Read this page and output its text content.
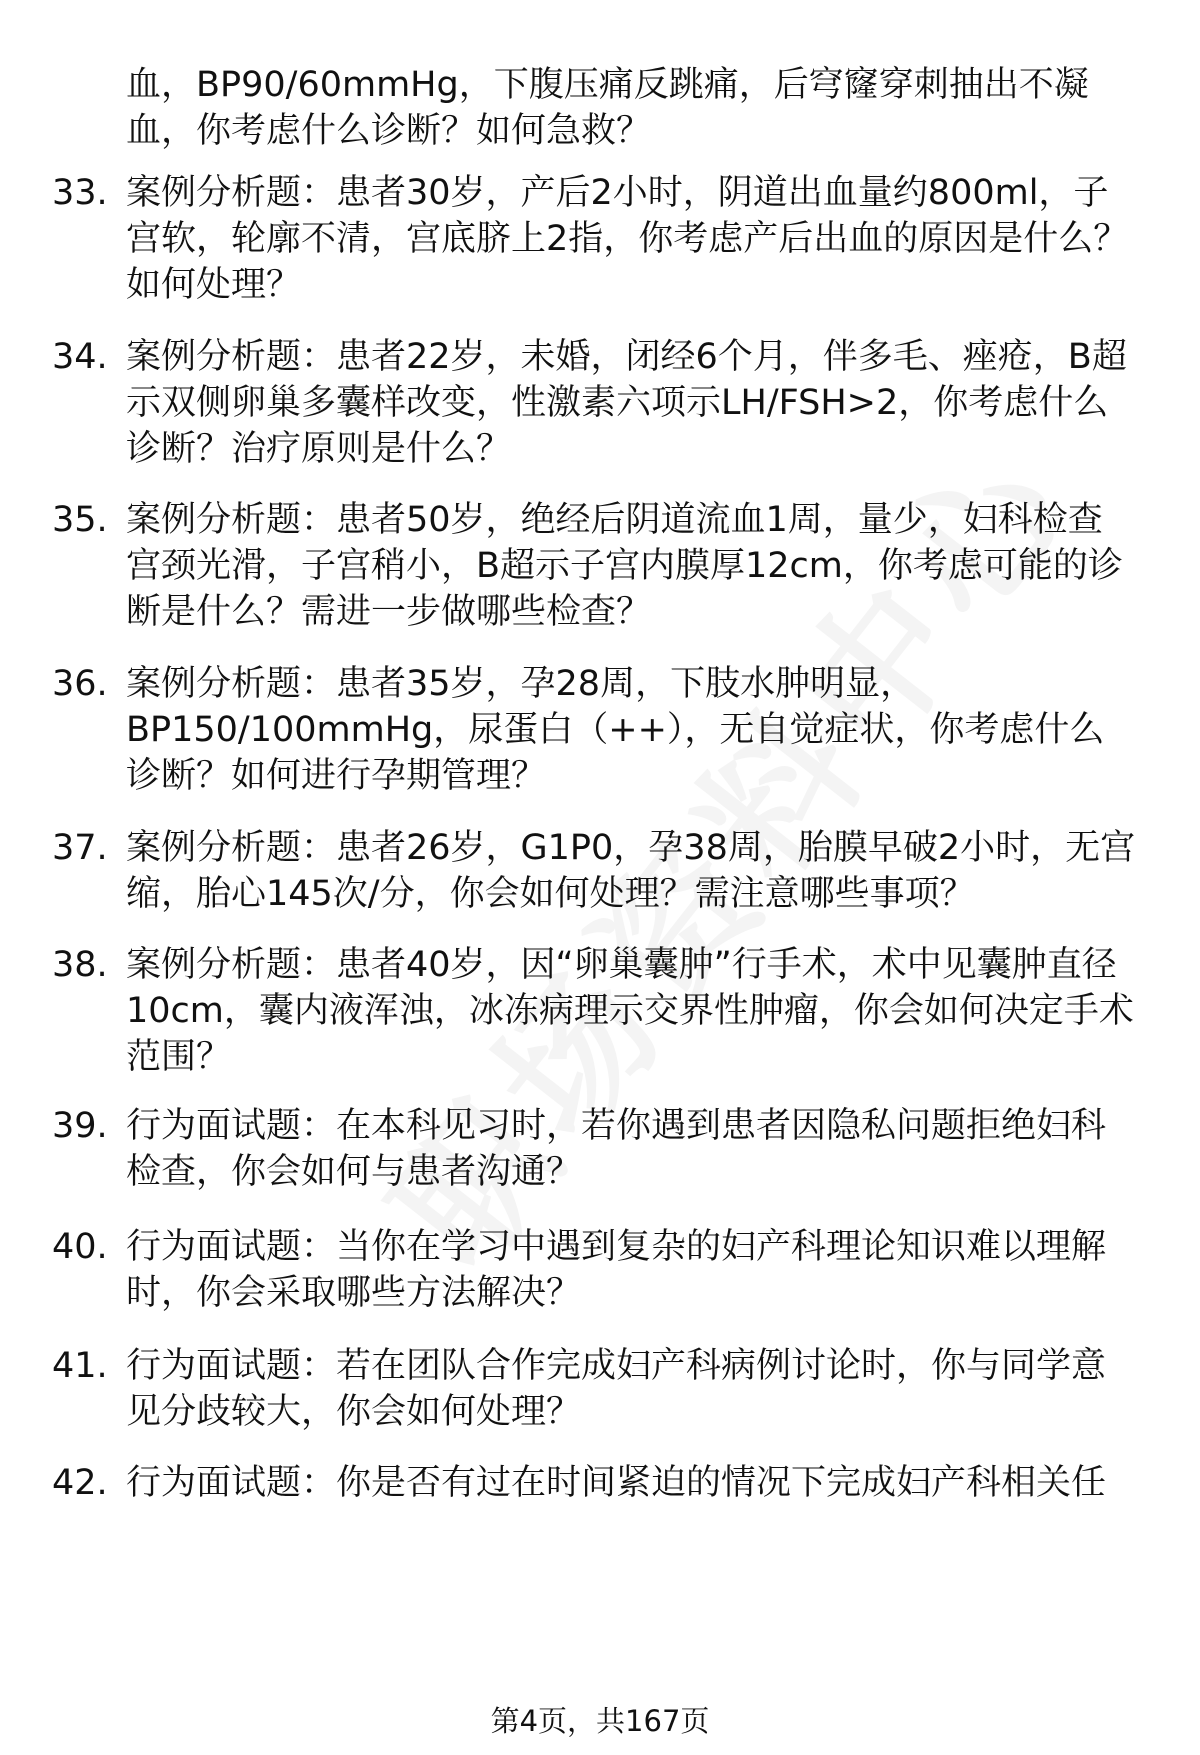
血，BP90/60mmHg，下腹压痛反跳痛，后穹窿穿刺抽出不凝血，你考虑什么诊断？如何急救？
33. 案例分析题：患者30岁，产后2小时，阴道出血量约800ml，子宫软，轮廓不清，宫底脐上2指，你考虑产后出血的原因是什么？如何处理？
34. 案例分析题：患者22岁，未婚，闭经6个月，伴多毛、痤疮，B超示双侧卵巢多囊样改变，性激素六项示LH/FSH>2，你考虑什么诊断？治疗原则是什么？
35. 案例分析题：患者50岁，绝经后阴道流血1周，量少，妇科检查宫颈光滑，子宫稍小，B超示子宫内膜厚12cm，你考虑可能的诊断是什么？需进一步做哪些检查？
36. 案例分析题：患者35岁，孕28周，下肢水肿明显，BP150/100mmHg，尿蛋白（++），无自觉症状，你考虑什么诊断？如何进行孕期管理？
37. 案例分析题：患者26岁，G1P0，孕38周，胎膜早破2小时，无宫缩，胎心145次/分，你会如何处理？需注意哪些事项？
38. 案例分析题：患者40岁，因“卵巢囊肿”行手术，术中见囊肿直径10cm，囊内液浑浊，冰冻病理示交界性肿瘤，你会如何决定手术范围？
39. 行为面试题：在本科见习时，若你遇到患者因隐私问题拒绝妇科检查，你会如何与患者沟通？
40. 行为面试题：当你在学习中遇到复杂的妇产科理论知识难以理解时，你会采取哪些方法解决？
41. 行为面试题：若在团队合作完成妇产科病例讨论时，你与同学意见分歧较大，你会如何处理？
42. 行为面试题：你是否有过在时间紧迫的情况下完成妇产科相关任
第4页，共167页
